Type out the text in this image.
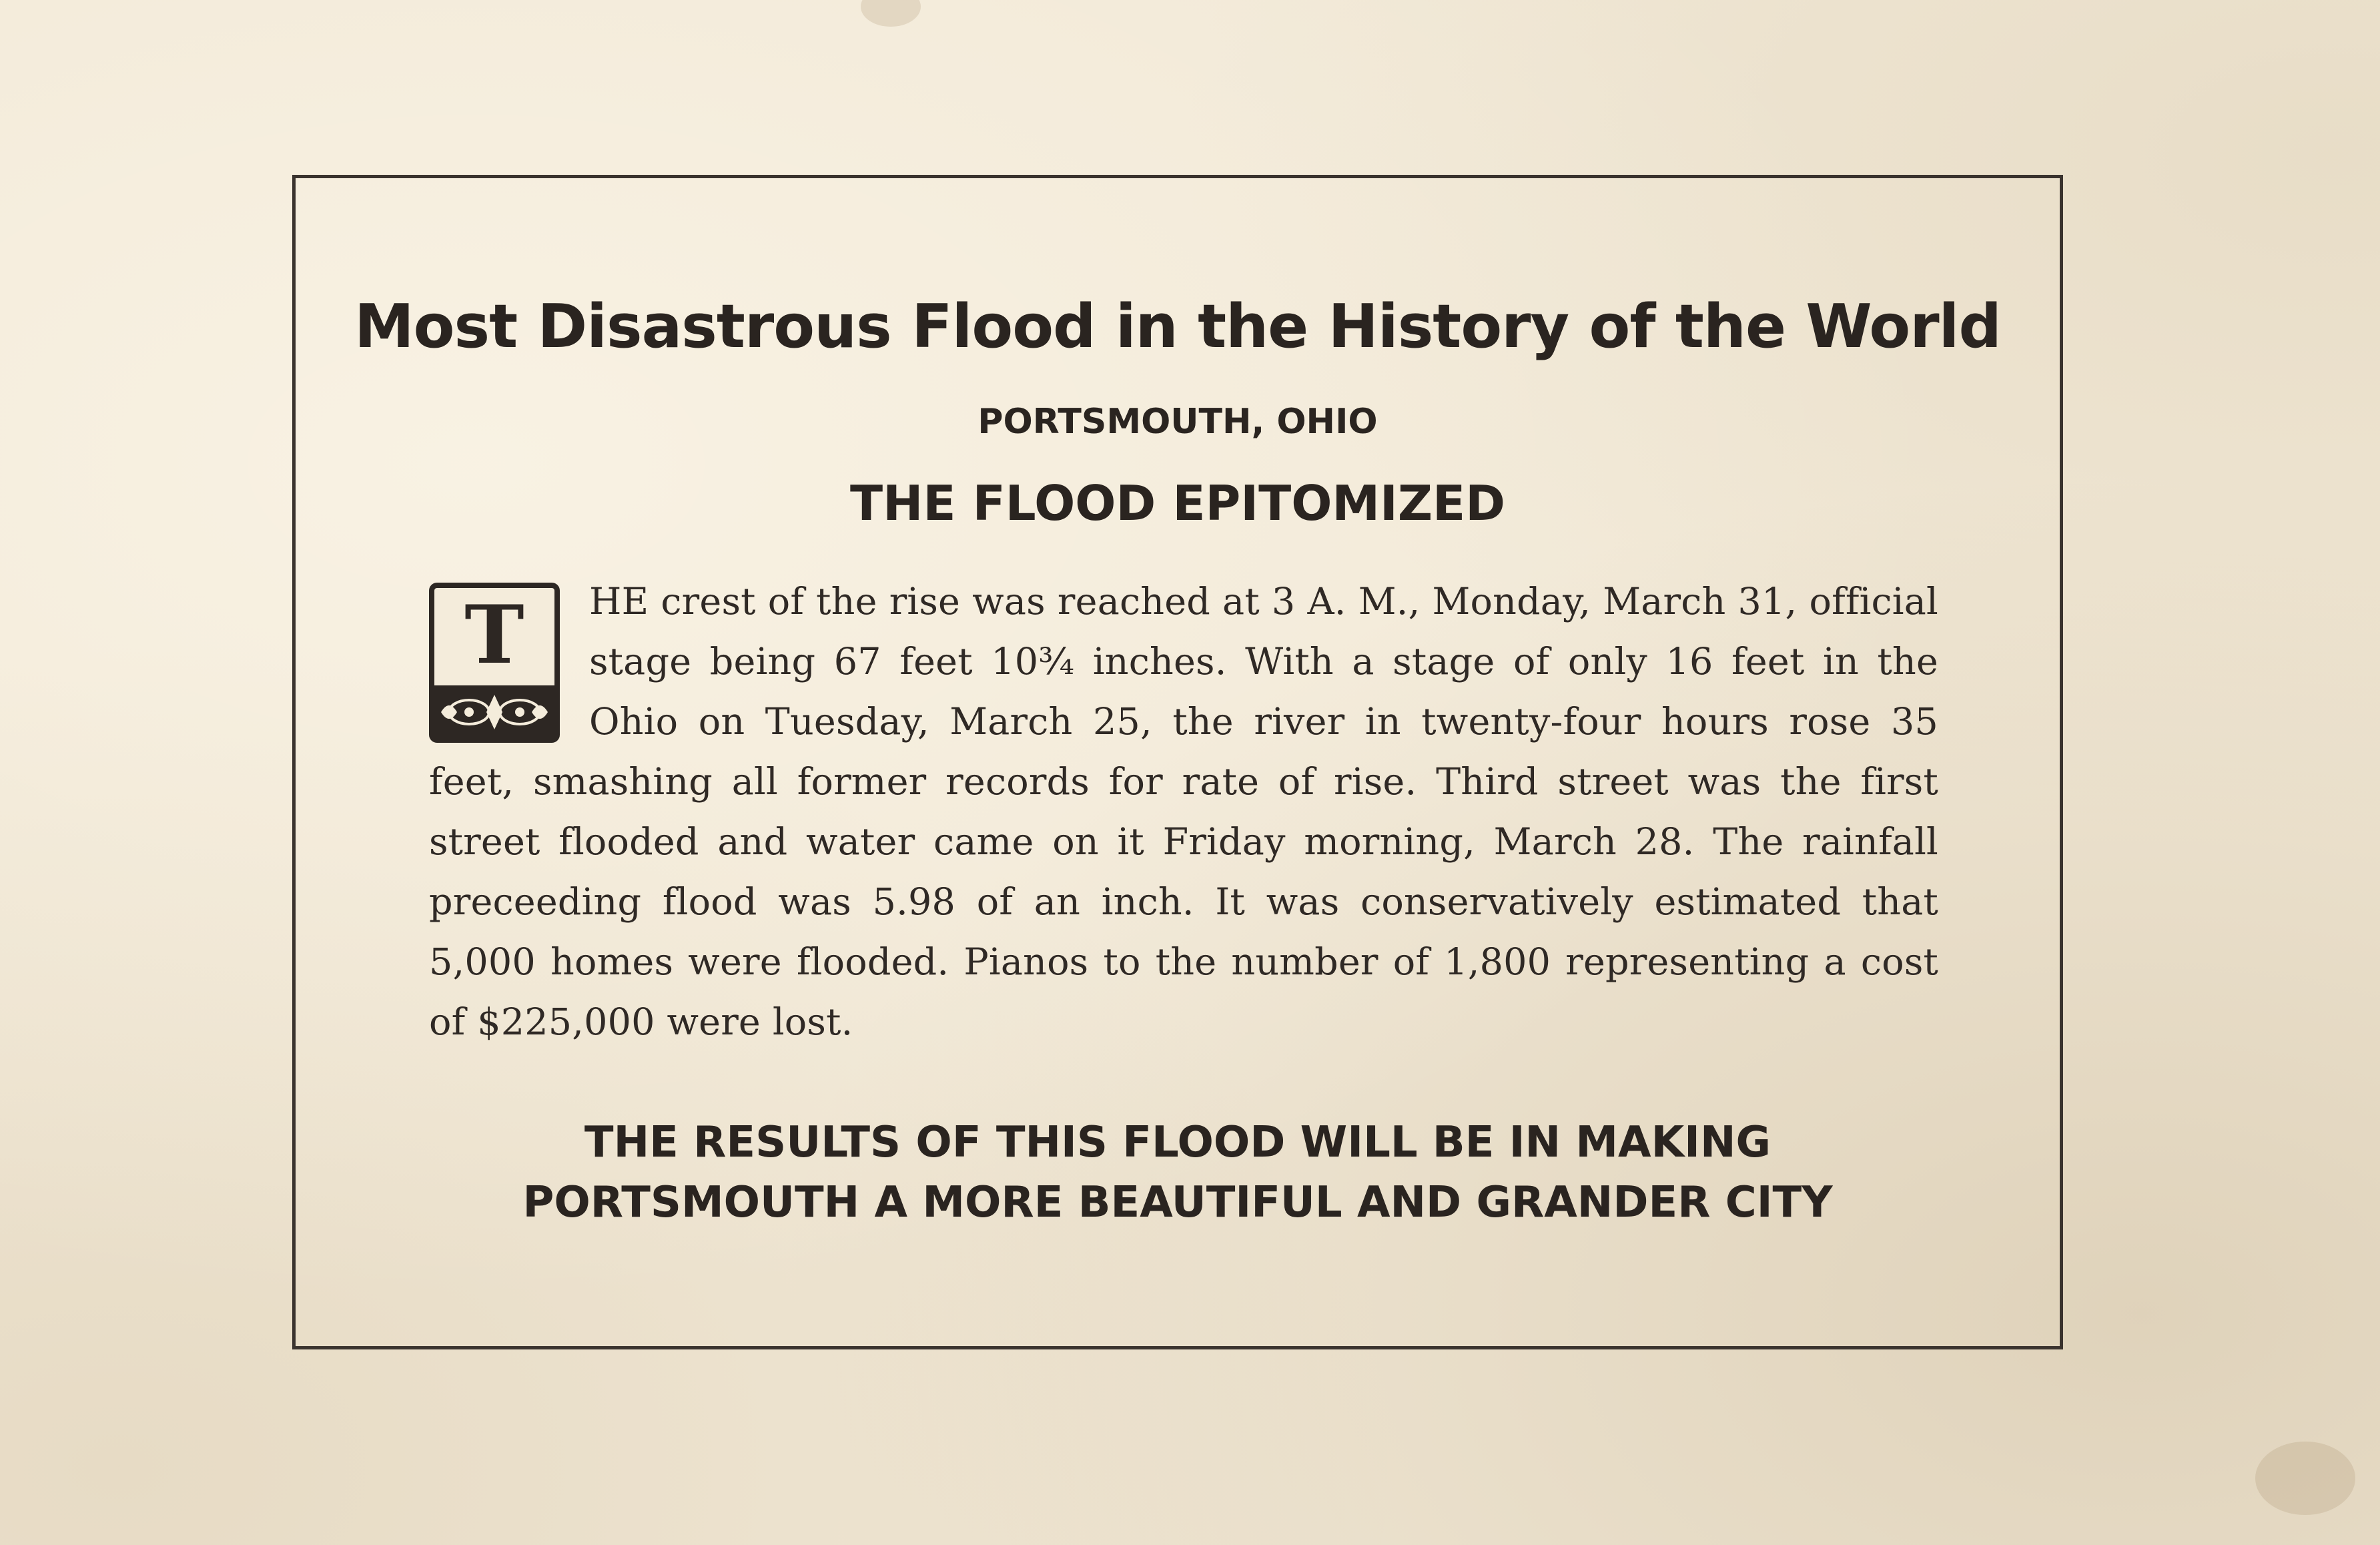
Most Disastrous Flood in the History of the World
PORTSMOUTH, OHIO
THE FLOOD EPITOMIZED
T	HE crest of the rise was reached at 3 A. M., Monday, March 31, official stage being 67 feet 10¾ inches. With a stage of only 16 feet in the Ohio on Tuesday, March 25, the river in twenty-four hours rose 35 feet, smashing all former records for rate of rise. Third street was the first street flooded and water came on it Friday morning, March 28. The rainfall preceeding flood was 5.98 of an inch. It was conservatively estimated that 5,000 homes were flooded. Pianos to the number of 1,800 representing a cost of $225,000 were lost.
THE RESULTS OF THIS FLOOD WILL BE IN MAKING
PORTSMOUTH A MORE BEAUTIFUL AND GRANDER CITY
